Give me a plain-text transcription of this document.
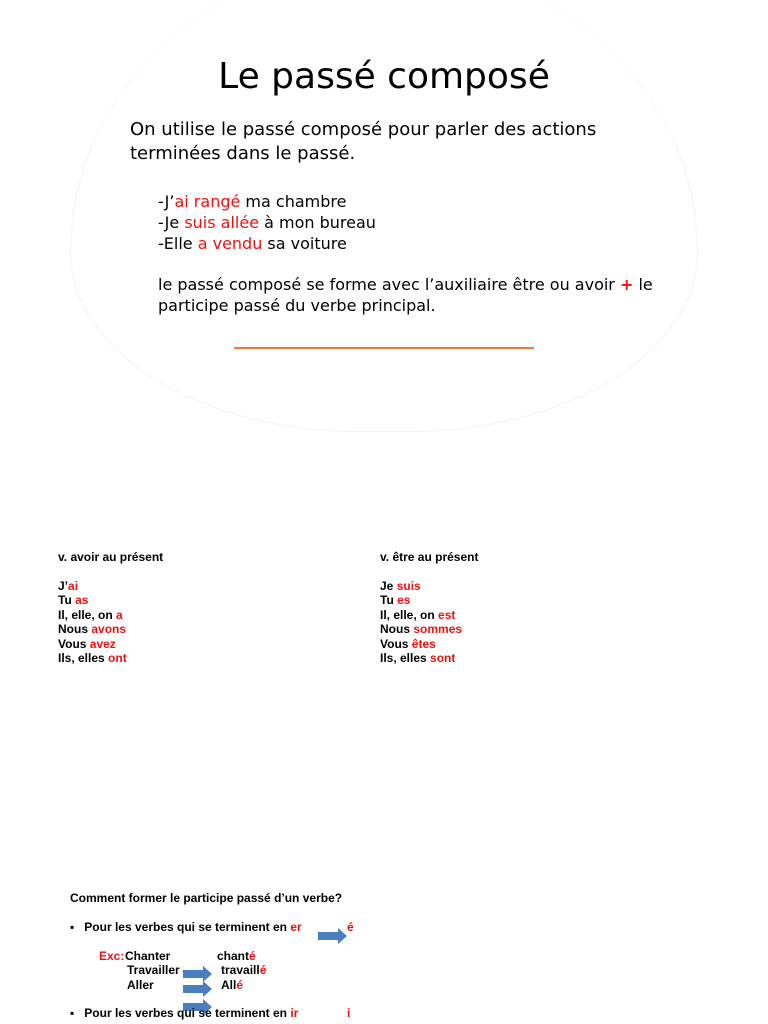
Le passé composé
On utilise le passé composé pour parler des actions terminées dans le passé.
-J’ai rangé ma chambre
-Je suis allée à mon bureau
-Elle a vendu sa voiture
le passé composé se forme avec l’auxiliaire être ou avoir + le participe passé du verbe principal.
v. avoir au présent
J’ai
Tu as
Il, elle, on a
Nous avons
Vous avez
Ils, elles ont
v. être au présent
Je suis
Tu es
Il, elle, on est
Nous sommes
Vous êtes
Ils, elles sont
Comment former le participe passé d’un verbe?
▪ Pour les verbes qui se terminent en er	é
Exc: Chanter	chanté
Travailler	travaillé
Aller	Allé
▪ Pour les verbes qui se terminent en ir	i
